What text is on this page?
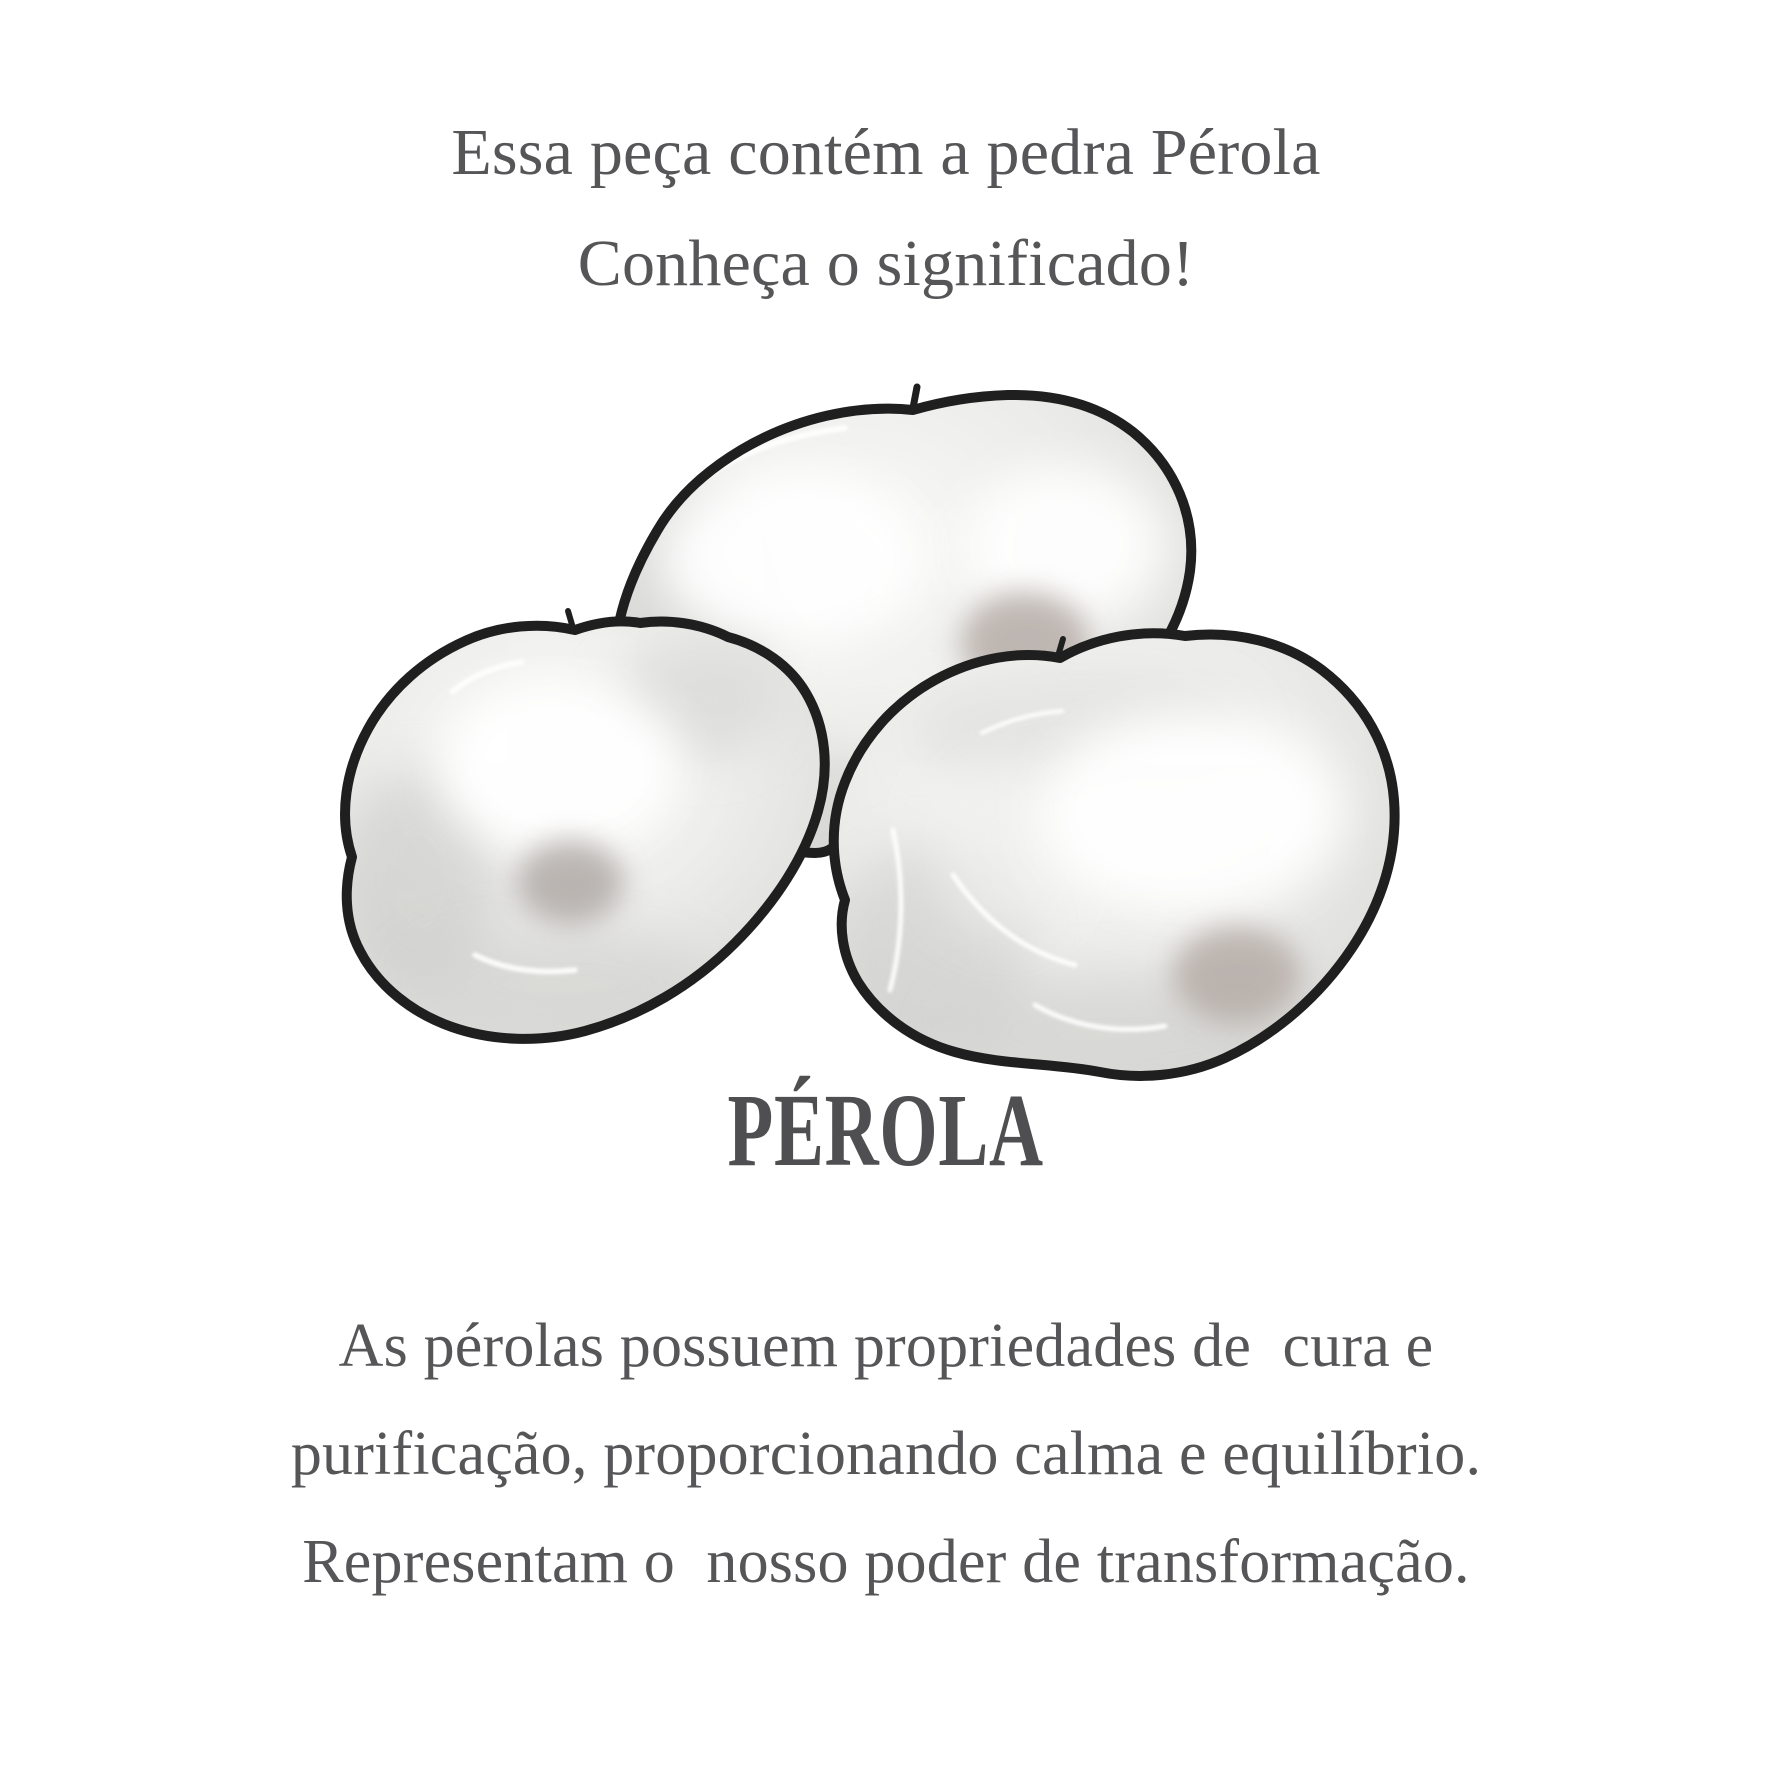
Essa peça contém a pedra Pérola
Conheça o significado!
PÉROLA
As pérolas possuem propriedades de  cura e
purificação, proporcionando calma e equilíbrio.
Representam o  nosso poder de transformação.
